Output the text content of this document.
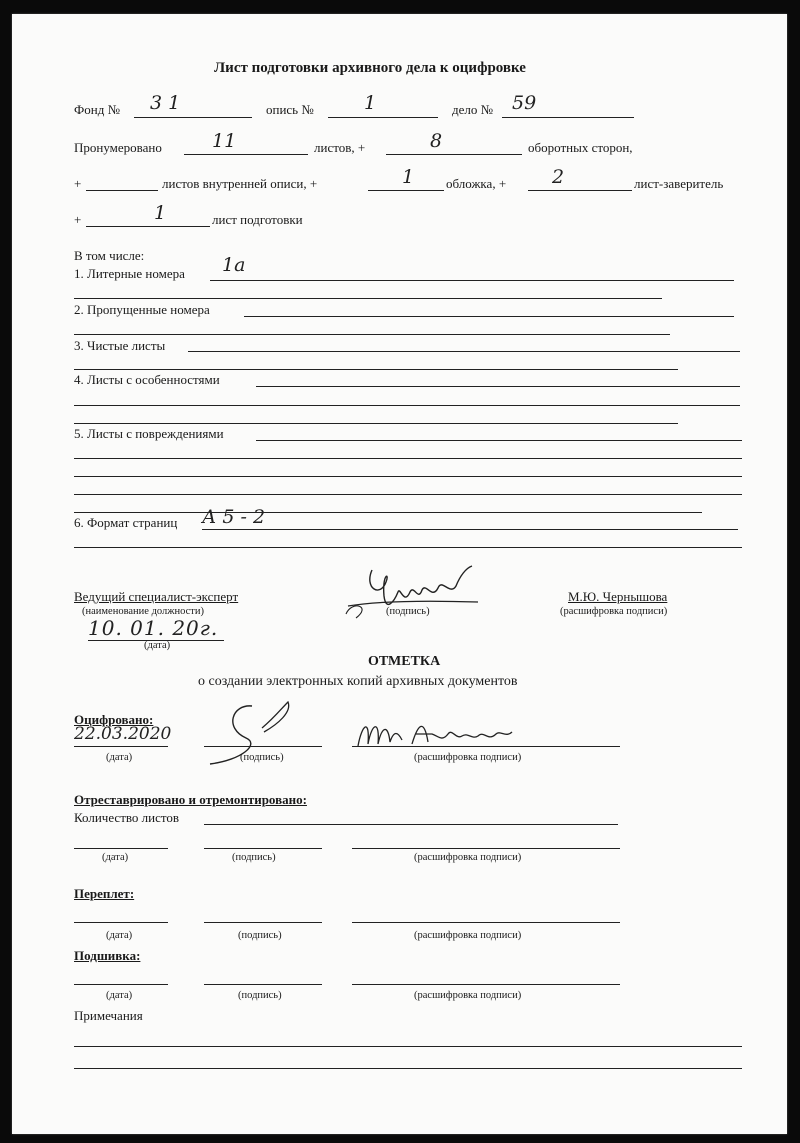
Лист подготовки архивного дела к оцифровке
Фонд № 3 1	опись №	1	дело № 59
Пронумеровано	11	листов, +	8	оборотных сторон,
+	листов внутренней описи, +	1 обложка, + 2	лист-заверитель
+	1	лист подготовки
В том числе:
1. Литерные номера 1а
2. Пропущенные номера
3. Чистые листы
4. Листы с особенностями
5. Листы с повреждениями
6. Формат страниц А 5 - 2
Ведущий специалист-эксперт
(наименование должности)
10. 01. 20г.
(дата)
(подпись)
М.Ю. Чернышова
(расшифровка подписи)
ОТМЕТКА
о создании электронных копий архивных документов
Оцифровано:
22.03.2020
(дата)	(подпись)	(расшифровка подписи)
Отреставрировано и отремонтировано:
Количество листов
(дата)	(подпись)	(расшифровка подписи)
Переплет:
(дата)	(подпись)	(расшифровка подписи)
Подшивка:
(дата)	(подпись)	(расшифровка подписи)
Примечания
